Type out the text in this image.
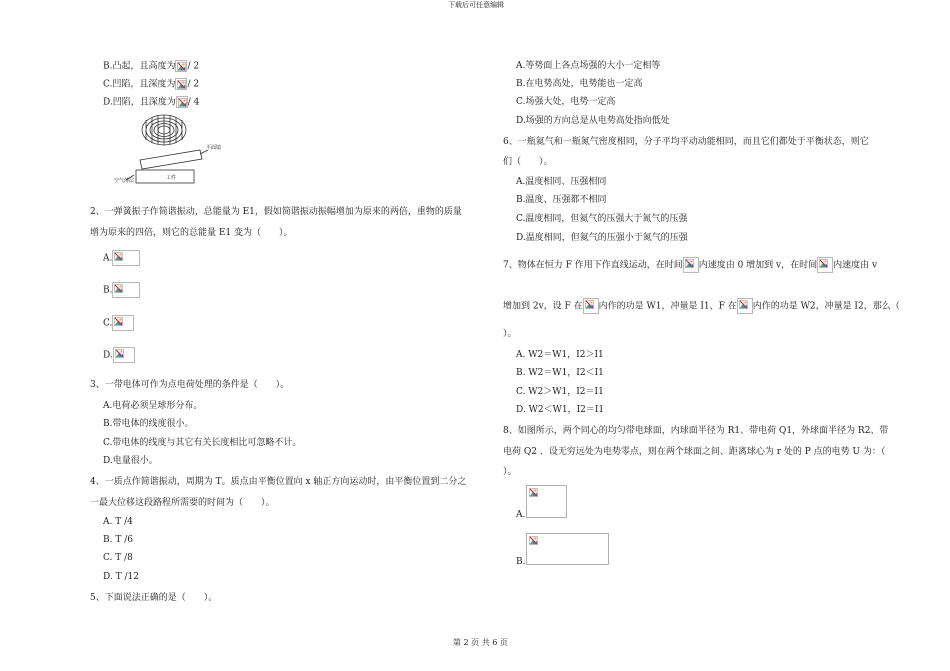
下载后可任意编辑
B.凸起，且高度为 / 2
C.凹陷，且深度为 / 2
D.凹陷，且深度为 / 4
平面镜
空气薄层	工件
2、一弹簧振子作简谐振动，总能量为 E1，假如简谐振动振幅增加为原来的两倍，重物的质量
增为原来的四倍，则它的总能量 E1 变为（　　）。
A.
B.
C.
D.
3、一带电体可作为点电荷处理的条件是（　　）。
A.电荷必须呈球形分布。
B.带电体的线度很小。
C.带电体的线度与其它有关长度相比可忽略不计。
D.电量很小。
4、一质点作简谐振动，周期为 T。质点由平衡位置向 x 轴正方向运动时，由平衡位置到二分之
一最大位移这段路程所需要的时间为（　　）。
A. T /4
B. T /6
C. T /8
D. T /12
5、下面说法正确的是（　　）。
A.等势面上各点场强的大小一定相等
B.在电势高处，电势能也一定高
C.场强大处，电势一定高
D.场强的方向总是从电势高处指向低处
6、一瓶氦气和一瓶氮气密度相同，分子平均平动动能相同，而且它们都处于平衡状态，则它
们（　　）。
A.温度相同、压强相同
B.温度、压强都不相同
C.温度相同，但氦气的压强大于氮气的压强
D.温度相同，但氦气的压强小于氮气的压强
7、物体在恒力 F 作用下作直线运动，在时间 内速度由 0 增加到 v，在时间 内速度由 v
增加到 2v，设 F 在 内作的功是 W1，冲量是 I1，F 在 内作的功是 W2，冲量是 I2，那么（
）。
A. W2＝W1，I2＞I1
B. W2＝W1，I2＜I1
C. W2＞W1，I2＝I1
D. W2＜W1，I2＝I1
8、如图所示，两个同心的均匀带电球面，内球面半径为 R1、带电荷 Q1，外球面半径为 R2、带
电荷 Q2 ．设无穷远处为电势零点，则在两个球面之间、距离球心为 r 处的 P 点的电势 U 为：（
）。
A.
B.
第 2 页 共 6 页
